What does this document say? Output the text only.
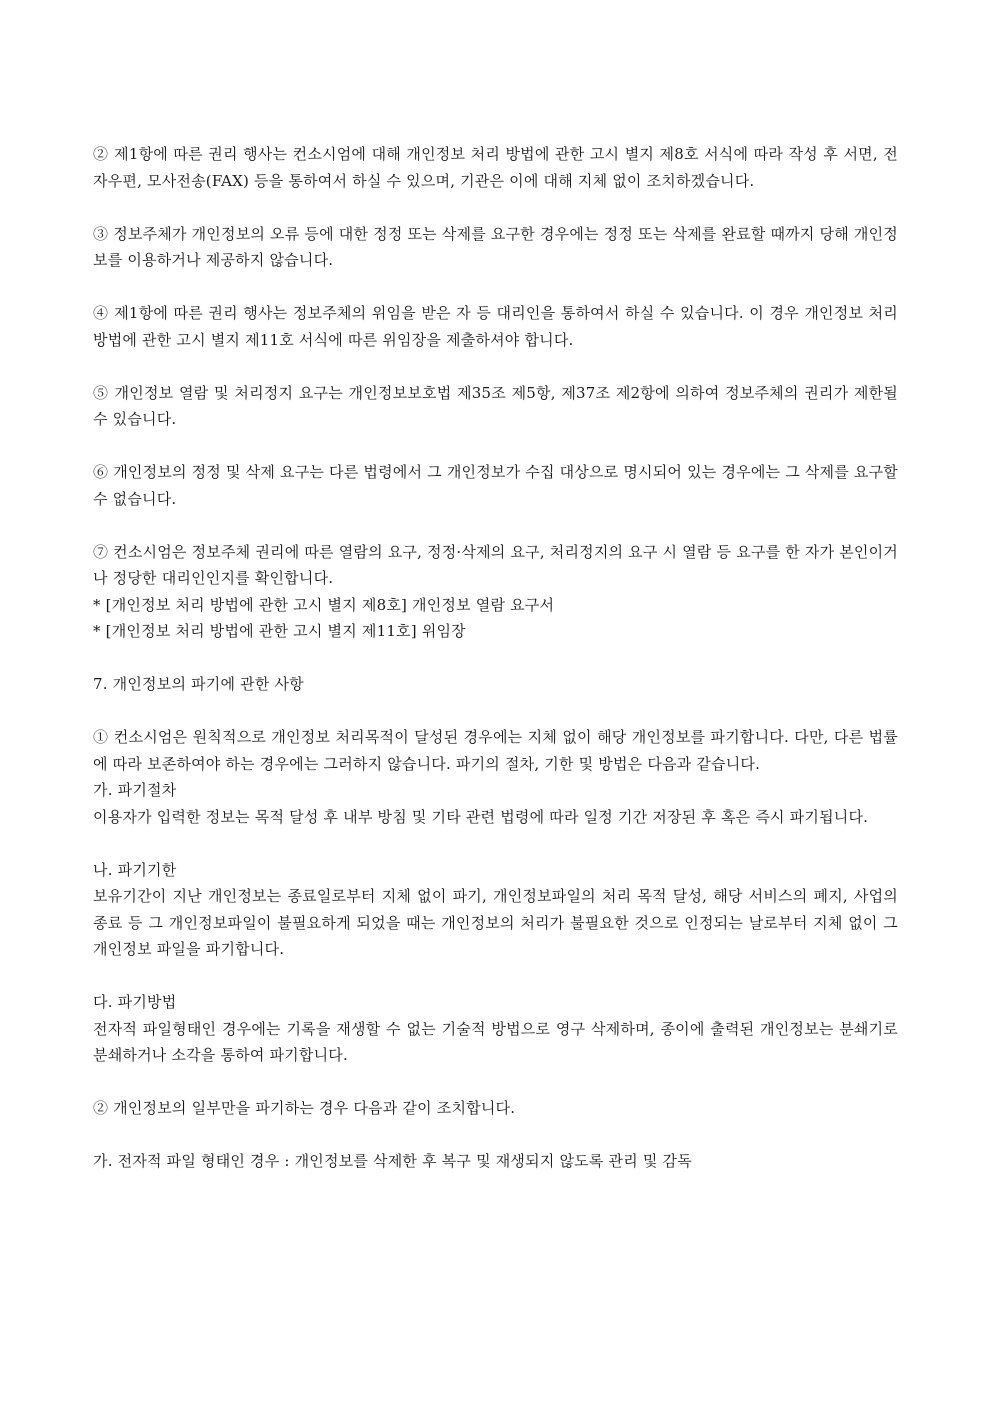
② 제1항에 따른 권리 행사는 컨소시엄에 대해 개인정보 처리 방법에 관한 고시 별지 제8호 서식에 따라 작성 후 서면, 전자우편, 모사전송(FAX) 등을 통하여서 하실 수 있으며, 기관은 이에 대해 지체 없이 조치하겠습니다.

③ 정보주체가 개인정보의 오류 등에 대한 정정 또는 삭제를 요구한 경우에는 정정 또는 삭제를 완료할 때까지 당해 개인정보를 이용하거나 제공하지 않습니다.

④ 제1항에 따른 권리 행사는 정보주체의 위임을 받은 자 등 대리인을 통하여서 하실 수 있습니다. 이 경우 개인정보 처리 방법에 관한 고시 별지 제11호 서식에 따른 위임장을 제출하셔야 합니다.

⑤ 개인정보 열람 및 처리정지 요구는 개인정보보호법 제35조 제5항, 제37조 제2항에 의하여 정보주체의 권리가 제한될 수 있습니다.

⑥ 개인정보의 정정 및 삭제 요구는 다른 법령에서 그 개인정보가 수집 대상으로 명시되어 있는 경우에는 그 삭제를 요구할 수 없습니다.

⑦ 컨소시엄은 정보주체 권리에 따른 열람의 요구, 정정·삭제의 요구, 처리정지의 요구 시 열람 등 요구를 한 자가 본인이거나 정당한 대리인인지를 확인합니다.
* [개인정보 처리 방법에 관한 고시 별지 제8호] 개인정보 열람 요구서
* [개인정보 처리 방법에 관한 고시 별지 제11호] 위임장

7. 개인정보의 파기에 관한 사항

① 컨소시엄은 원칙적으로 개인정보 처리목적이 달성된 경우에는 지체 없이 해당 개인정보를 파기합니다. 다만, 다른 법률에 따라 보존하여야 하는 경우에는 그러하지 않습니다. 파기의 절차, 기한 및 방법은 다음과 같습니다.
가. 파기절차
이용자가 입력한 정보는 목적 달성 후 내부 방침 및 기타 관련 법령에 따라 일정 기간 저장된 후 혹은 즉시 파기됩니다.
나. 파기기한
보유기간이 지난 개인정보는 종료일로부터 지체 없이 파기, 개인정보파일의 처리 목적 달성, 해당 서비스의 폐지, 사업의 종료 등 그 개인정보파일이 불필요하게 되었을 때는 개인정보의 처리가 불필요한 것으로 인정되는 날로부터 지체 없이 그 개인정보 파일을 파기합니다.
다. 파기방법
전자적 파일형태인 경우에는 기록을 재생할 수 없는 기술적 방법으로 영구 삭제하며, 종이에 출력된 개인정보는 분쇄기로 분쇄하거나 소각을 통하여 파기합니다.

② 개인정보의 일부만을 파기하는 경우 다음과 같이 조치합니다.

가. 전자적 파일 형태인 경우 : 개인정보를 삭제한 후 복구 및 재생되지 않도록 관리 및 감독
